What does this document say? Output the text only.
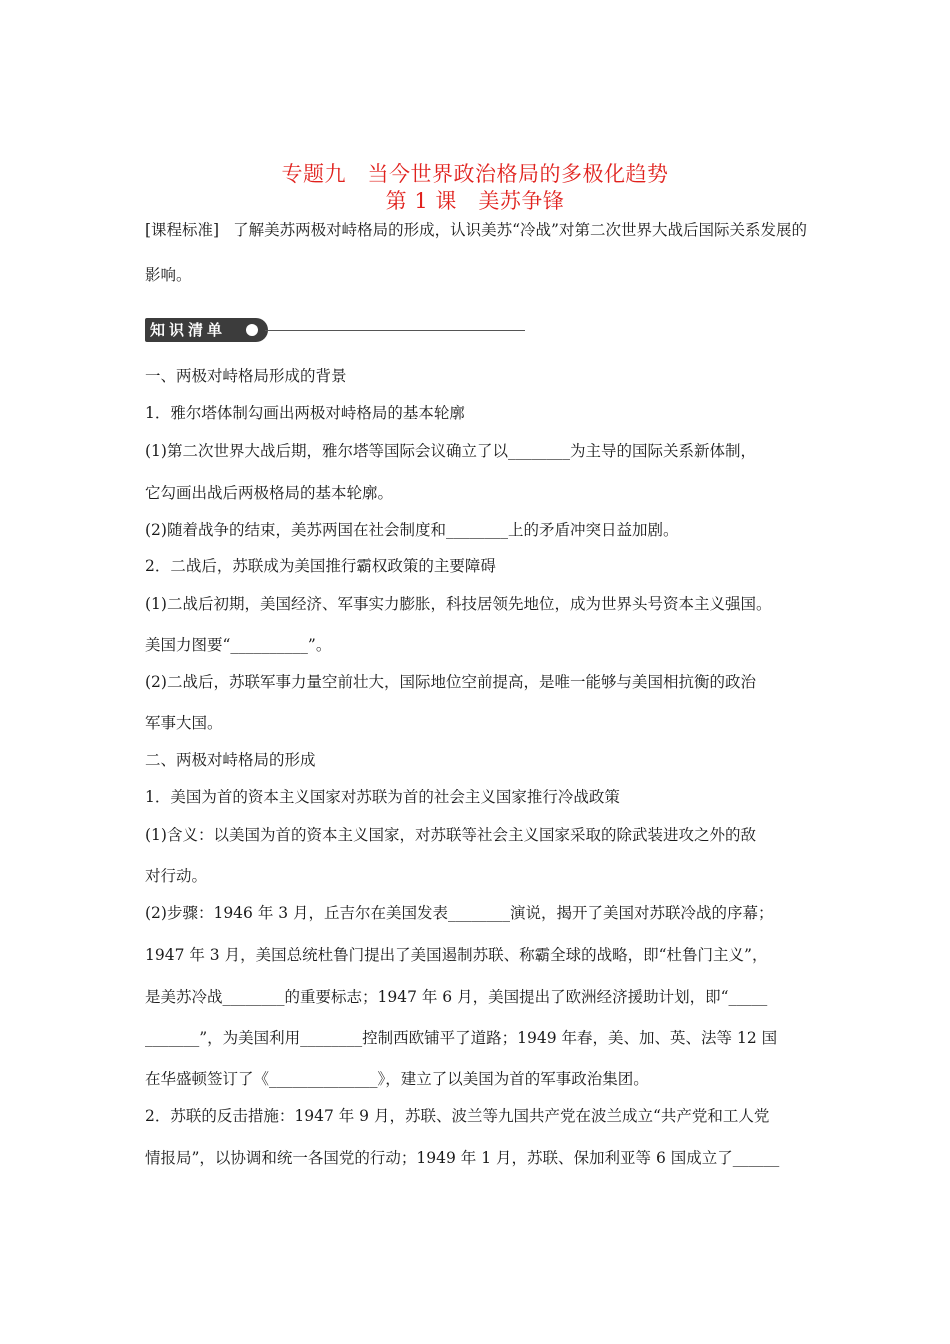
专题九　当今世界政治格局的多极化趋势
第 1 课　美苏争锋
[课程标准] 了解美苏两极对峙格局的形成，认识美苏“冷战”对第二次世界大战后国际关系发展的影响。
知识清单
一、两极对峙格局形成的背景
1．雅尔塔体制勾画出两极对峙格局的基本轮廓
(1)第二次世界大战后期，雅尔塔等国际会议确立了以________为主导的国际关系新体制，
它勾画出战后两极格局的基本轮廓。
(2)随着战争的结束，美苏两国在社会制度和________上的矛盾冲突日益加剧。
2．二战后，苏联成为美国推行霸权政策的主要障碍
(1)二战后初期，美国经济、军事实力膨胀，科技居领先地位，成为世界头号资本主义强国。
美国力图要“__________”。
(2)二战后，苏联军事力量空前壮大，国际地位空前提高，是唯一能够与美国相抗衡的政治
军事大国。
二、两极对峙格局的形成
1．美国为首的资本主义国家对苏联为首的社会主义国家推行冷战政策
(1)含义：以美国为首的资本主义国家，对苏联等社会主义国家采取的除武装进攻之外的敌
对行动。
(2)步骤：1946 年 3 月，丘吉尔在美国发表________演说，揭开了美国对苏联冷战的序幕；
1947 年 3 月，美国总统杜鲁门提出了美国遏制苏联、称霸全球的战略，即“杜鲁门主义”，
是美苏冷战________的重要标志；1947 年 6 月，美国提出了欧洲经济援助计划，即“_____
_______”，为美国利用________控制西欧铺平了道路；1949 年春，美、加、英、法等 12 国
在华盛顿签订了《______________》，建立了以美国为首的军事政治集团。
2．苏联的反击措施：1947 年 9 月，苏联、波兰等九国共产党在波兰成立“共产党和工人党
情报局”，以协调和统一各国党的行动；1949 年 1 月，苏联、保加利亚等 6 国成立了______
